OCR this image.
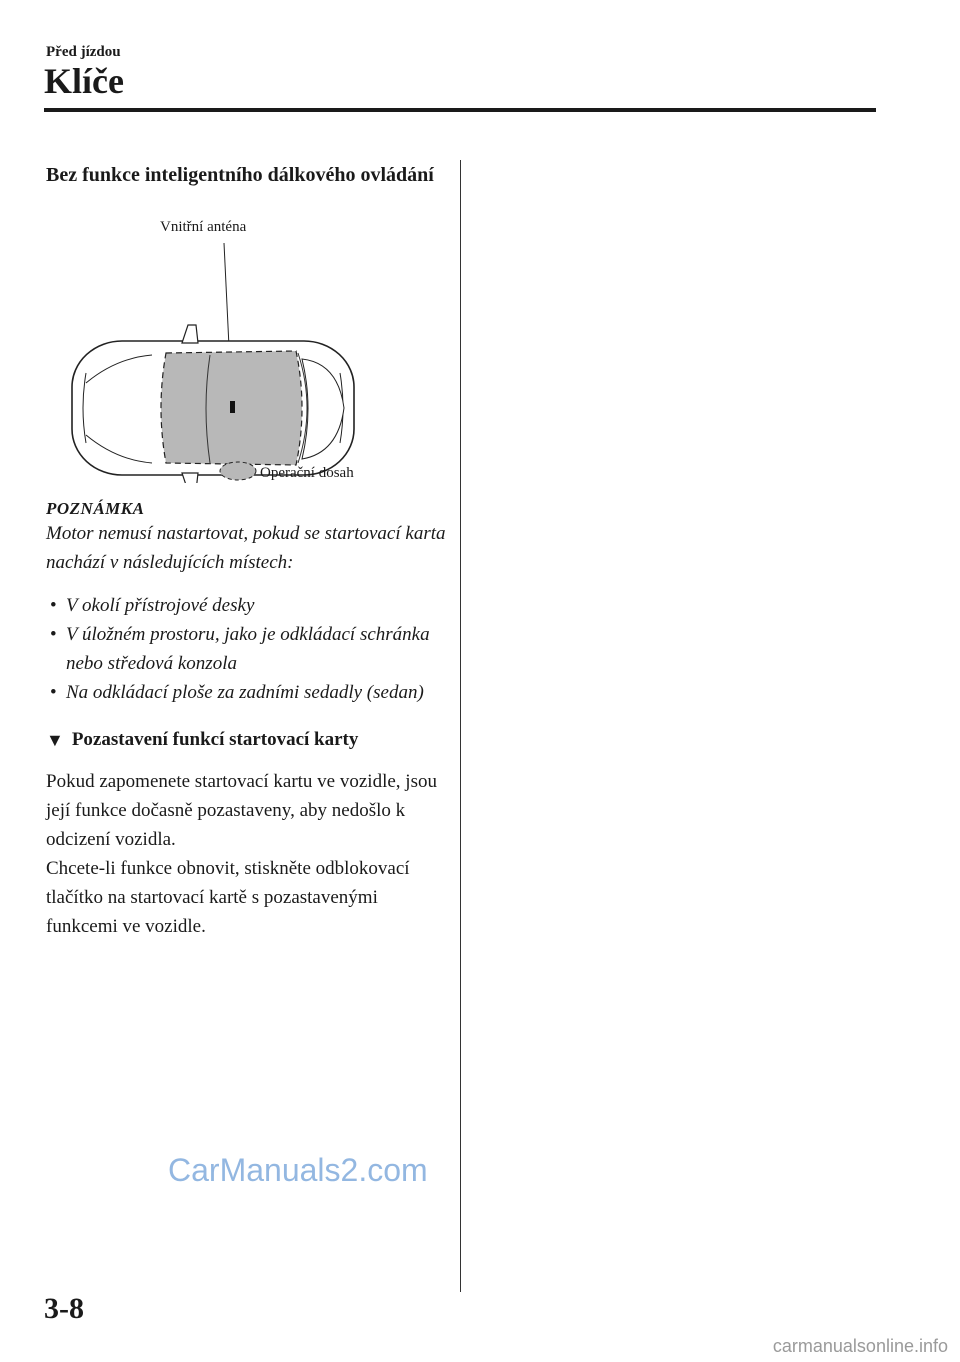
Před jízdou
Klíče
Bez funkce inteligentního dálkového ovládání
Vnitřní anténa
Operační dosah
POZNÁMKA

Motor nemusí nastartovat, pokud se startovací karta nachází v následujících místech:

• V okolí přístrojové desky
• V úložném prostoru, jako je odkládací schránka nebo středová konzola
• Na odkládací ploše za zadními sedadly (sedan)
▼ Pozastavení funkcí startovací karty

Pokud zapomenete startovací kartu ve vozidle, jsou její funkce dočasně pozastaveny, aby nedošlo k odcizení vozidla.

Chcete-li funkce obnovit, stiskněte odblokovací tlačítko na startovací kartě s pozastavenými funkcemi ve vozidle.

CarManuals2.com
3-8
carmanualsonline.info
